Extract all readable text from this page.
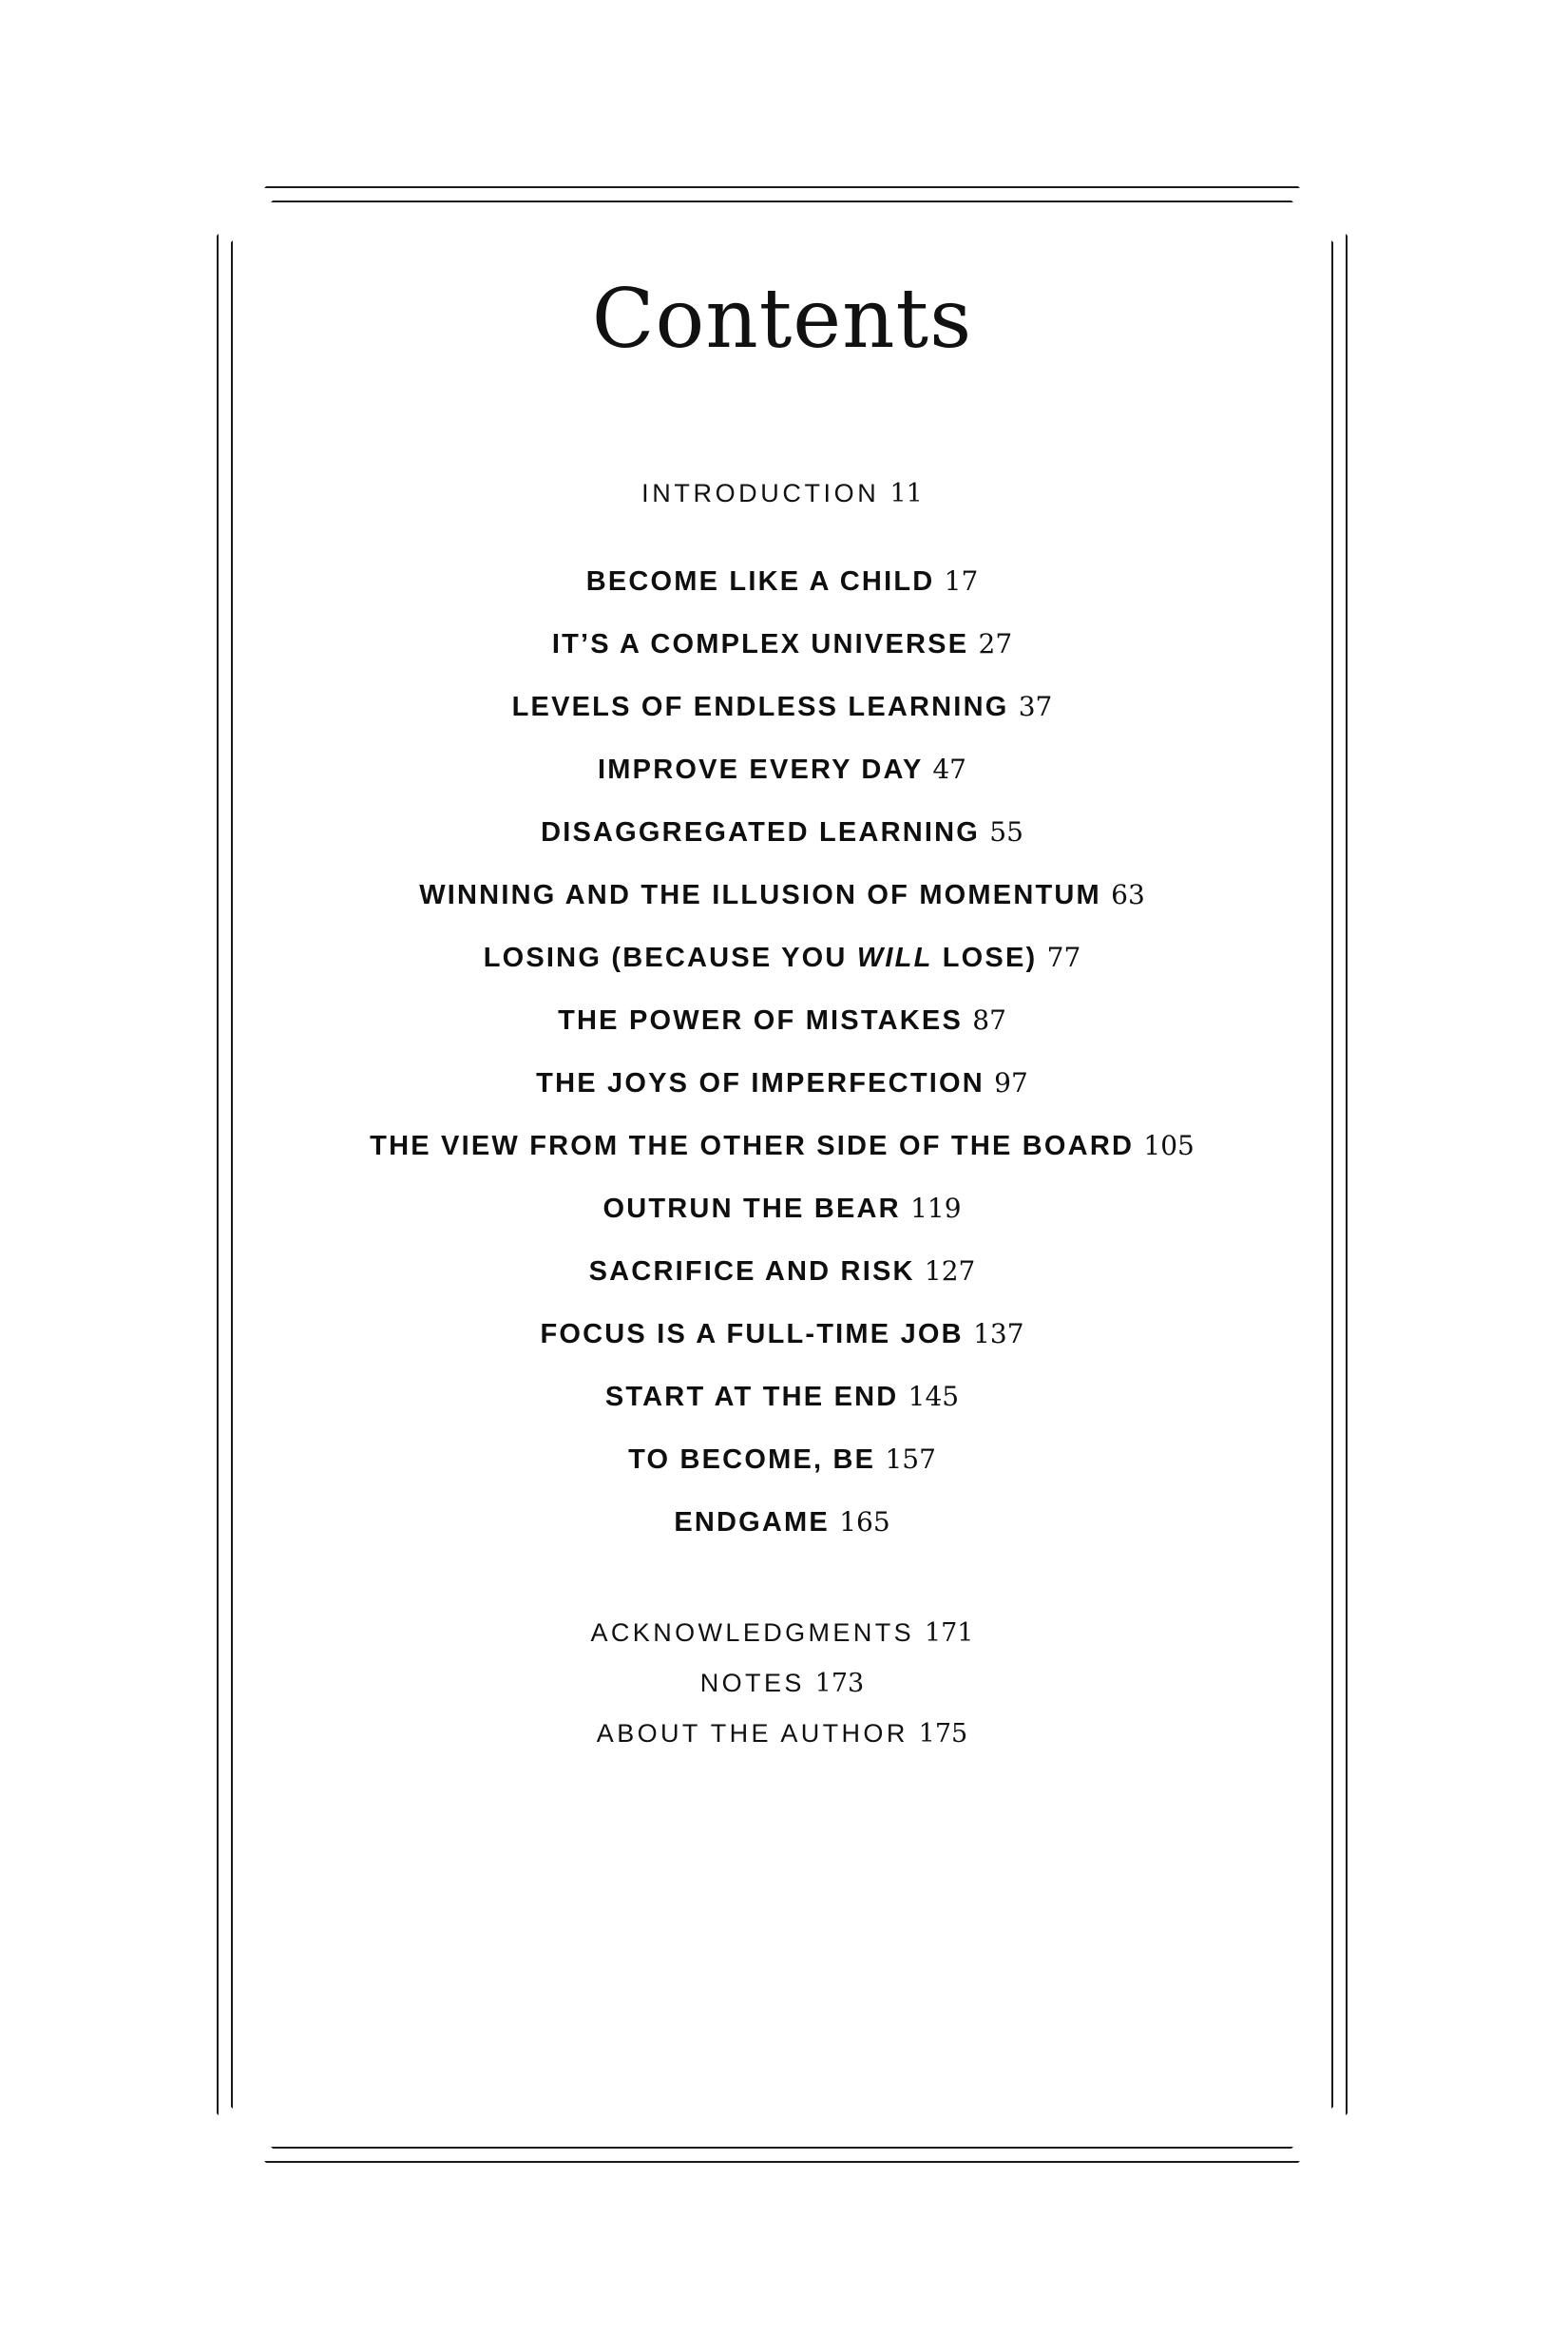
Contents
INTRODUCTION 11
BECOME LIKE A CHILD 17
IT’S A COMPLEX UNIVERSE 27
LEVELS OF ENDLESS LEARNING 37
IMPROVE EVERY DAY 47
DISAGGREGATED LEARNING 55
WINNING AND THE ILLUSION OF MOMENTUM 63
LOSING (BECAUSE YOU WILL LOSE) 77
THE POWER OF MISTAKES 87
THE JOYS OF IMPERFECTION 97
THE VIEW FROM THE OTHER SIDE OF THE BOARD 105
OUTRUN THE BEAR 119
SACRIFICE AND RISK 127
FOCUS IS A FULL-TIME JOB 137
START AT THE END 145
TO BECOME, BE 157
ENDGAME 165
ACKNOWLEDGMENTS 171
NOTES 173
ABOUT THE AUTHOR 175
